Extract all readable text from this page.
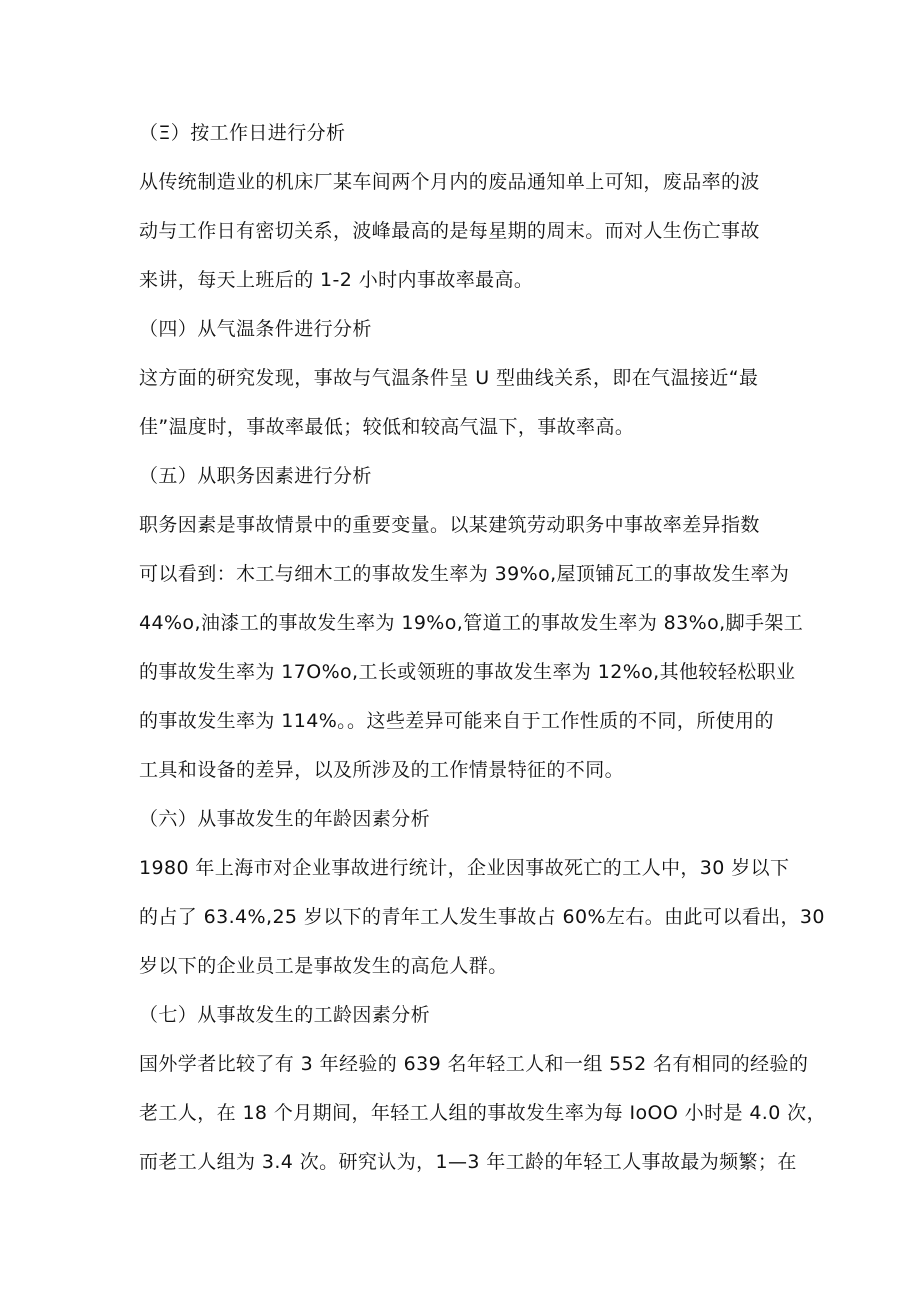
（Ξ）按工作日进行分析
从传统制造业的机床厂某车间两个月内的废品通知单上可知，废品率的波
动与工作日有密切关系，波峰最高的是每星期的周末。而对人生伤亡事故
来讲，每天上班后的 1-2 小时内事故率最高。
（四）从气温条件进行分析
这方面的研究发现，事故与气温条件呈 U 型曲线关系，即在气温接近“最
佳”温度时，事故率最低；较低和较高气温下，事故率高。
（五）从职务因素进行分析
职务因素是事故情景中的重要变量。以某建筑劳动职务中事故率差异指数
可以看到：木工与细木工的事故发生率为 39%o,屋顶铺瓦工的事故发生率为
44%o,油漆工的事故发生率为 19%o,管道工的事故发生率为 83%o,脚手架工
的事故发生率为 17O%o,工长或领班的事故发生率为 12%o,其他较轻松职业
的事故发生率为 114%。。这些差异可能来自于工作性质的不同，所使用的
工具和设备的差异，以及所涉及的工作情景特征的不同。
（六）从事故发生的年龄因素分析
1980 年上海市对企业事故进行统计，企业因事故死亡的工人中，30 岁以下
的占了 63.4%,25 岁以下的青年工人发生事故占 60%左右。由此可以看出，30
岁以下的企业员工是事故发生的高危人群。
（七）从事故发生的工龄因素分析
国外学者比较了有 3 年经验的 639 名年轻工人和一组 552 名有相同的经验的
老工人，在 18 个月期间，年轻工人组的事故发生率为每 IoOO 小时是 4.0 次，
而老工人组为 3.4 次。研究认为，1—3 年工龄的年轻工人事故最为频繁；在
